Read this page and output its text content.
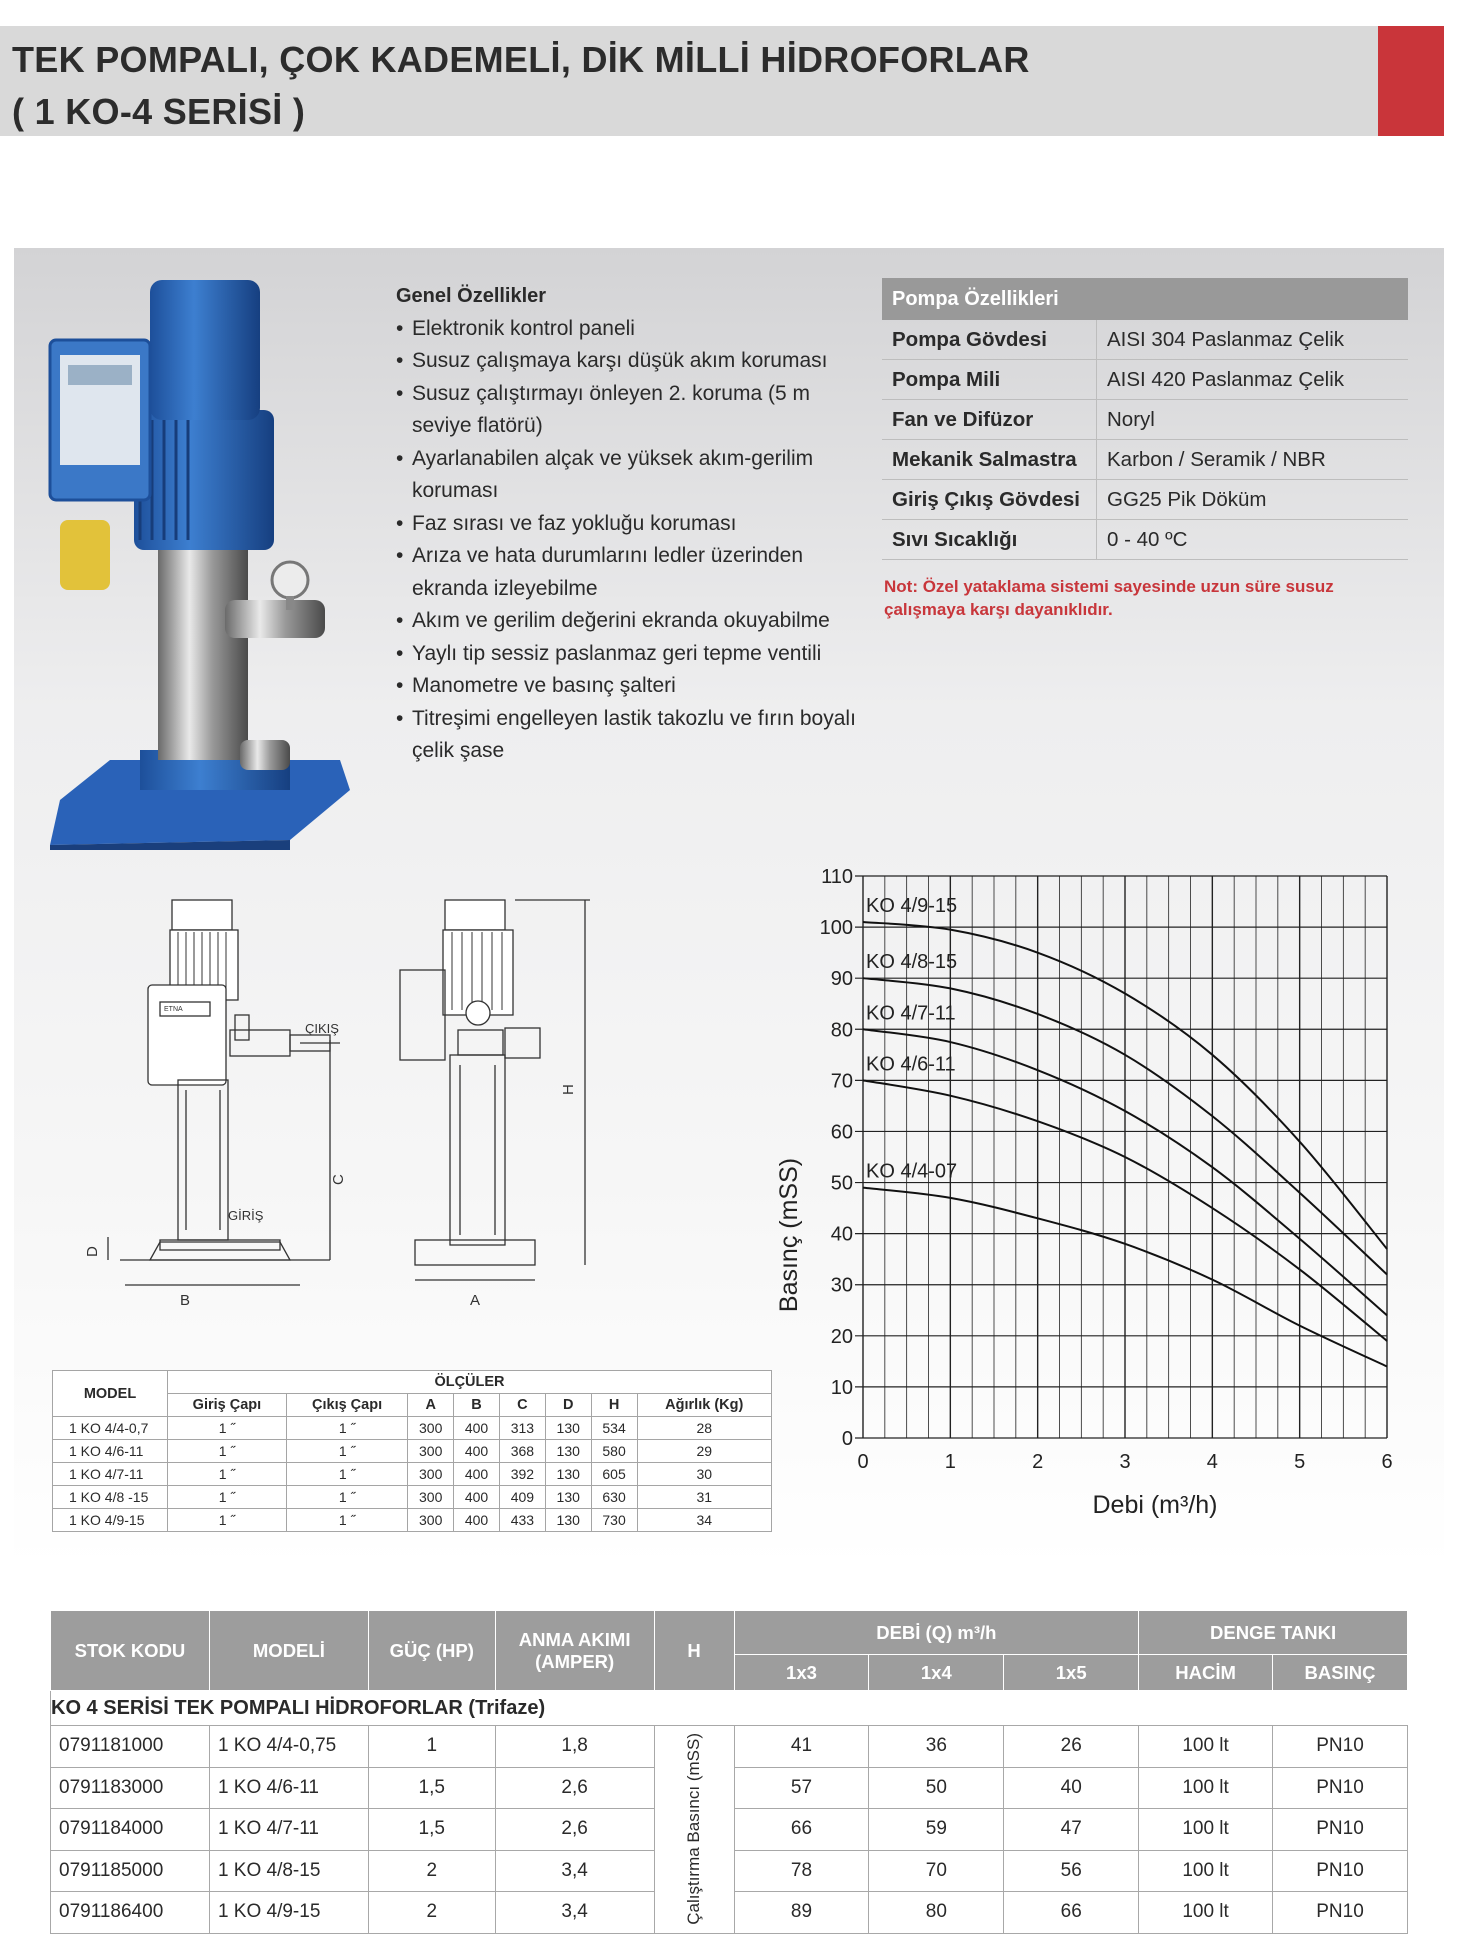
TEK POMPALI, ÇOK KADEMELİ, DİK MİLLİ HİDROFORLAR
( 1 KO-4 SERİSİ )
Genel Özellikler
• Elektronik kontrol paneli
• Susuz çalışmaya karşı düşük akım koruması
• Susuz çalıştırmayı önleyen 2. koruma (5 m seviye flatörü)
• Ayarlanabilen alçak ve yüksek akım-gerilim koruması
• Faz sırası ve faz yokluğu koruması
• Arıza ve hata durumlarını ledler üzerinden ekranda izleyebilme
• Akım ve gerilim değerini ekranda okuyabilme
• Yaylı tip sessiz paslanmaz geri tepme ventili
• Manometre ve basınç şalteri
• Titreşimi engelleyen lastik takozlu ve fırın boyalı çelik şase
Pompa Özellikleri	
Pompa Gövdesi	AISI 304 Paslanmaz Çelik
Pompa Mili	AISI 420 Paslanmaz Çelik
Fan ve Difüzor	Noryl
Mekanik Salmastra	Karbon / Seramik / NBR
Giriş Çıkış Gövdesi	GG25 Pik Döküm
Sıvı Sıcaklığı	0 - 40 ºC
Not: Özel yataklama sistemi sayesinde uzun süre susuz çalışmaya karşı dayanıklıdır.
B
C
D
ÇIKIŞ
GİRİŞ
ETNA
H
A
MODEL	ÖLÇÜLER							
	Giriş Çapı	Çıkış Çapı	A	B	C	D	H	Ağırlık (Kg)
1 KO 4/4-0,7	1 ˝	1 ˝	300	400	313	130	534	28
1 KO 4/6-11	1 ˝	1 ˝	300	400	368	130	580	29
1 KO 4/7-11	1 ˝	1 ˝	300	400	392	130	605	30
1 KO 4/8 -15	1 ˝	1 ˝	300	400	409	130	630	31
1 KO 4/9-15	1 ˝	1 ˝	300	400	433	130	730	34
0
10
20
30
40
50
60
70
80
90
100
110
0	1	2	3	4	5	6
KO 4/9-15
KO 4/8-15
KO 4/7-11
KO 4/6-11
KO 4/4-07
Debi (m³/h)
Basınç (mSS)
STOK KODU	MODELİ	GÜÇ (HP)	ANMA AKIMI (AMPER)	H	DEBİ (Q) m³/h			DENGE TANKI	
					1x3	1x4	1x5	HACİM	BASINÇ
KO 4 SERİSİ TEK POMPALI HİDROFORLAR (Trifaze)									
0791181000	1 KO 4/4-0,75	1	1,8	Çalıştırma Basıncı (mSS)	41	36	26	100 lt	PN10
0791183000	1 KO 4/6-11	1,5	2,6		57	50	40	100 lt	PN10
0791184000	1 KO 4/7-11	1,5	2,6		66	59	47	100 lt	PN10
0791185000	1 KO 4/8-15	2	3,4		78	70	56	100 lt	PN10
0791186400	1 KO 4/9-15	2	3,4		89	80	66	100 lt	PN10
